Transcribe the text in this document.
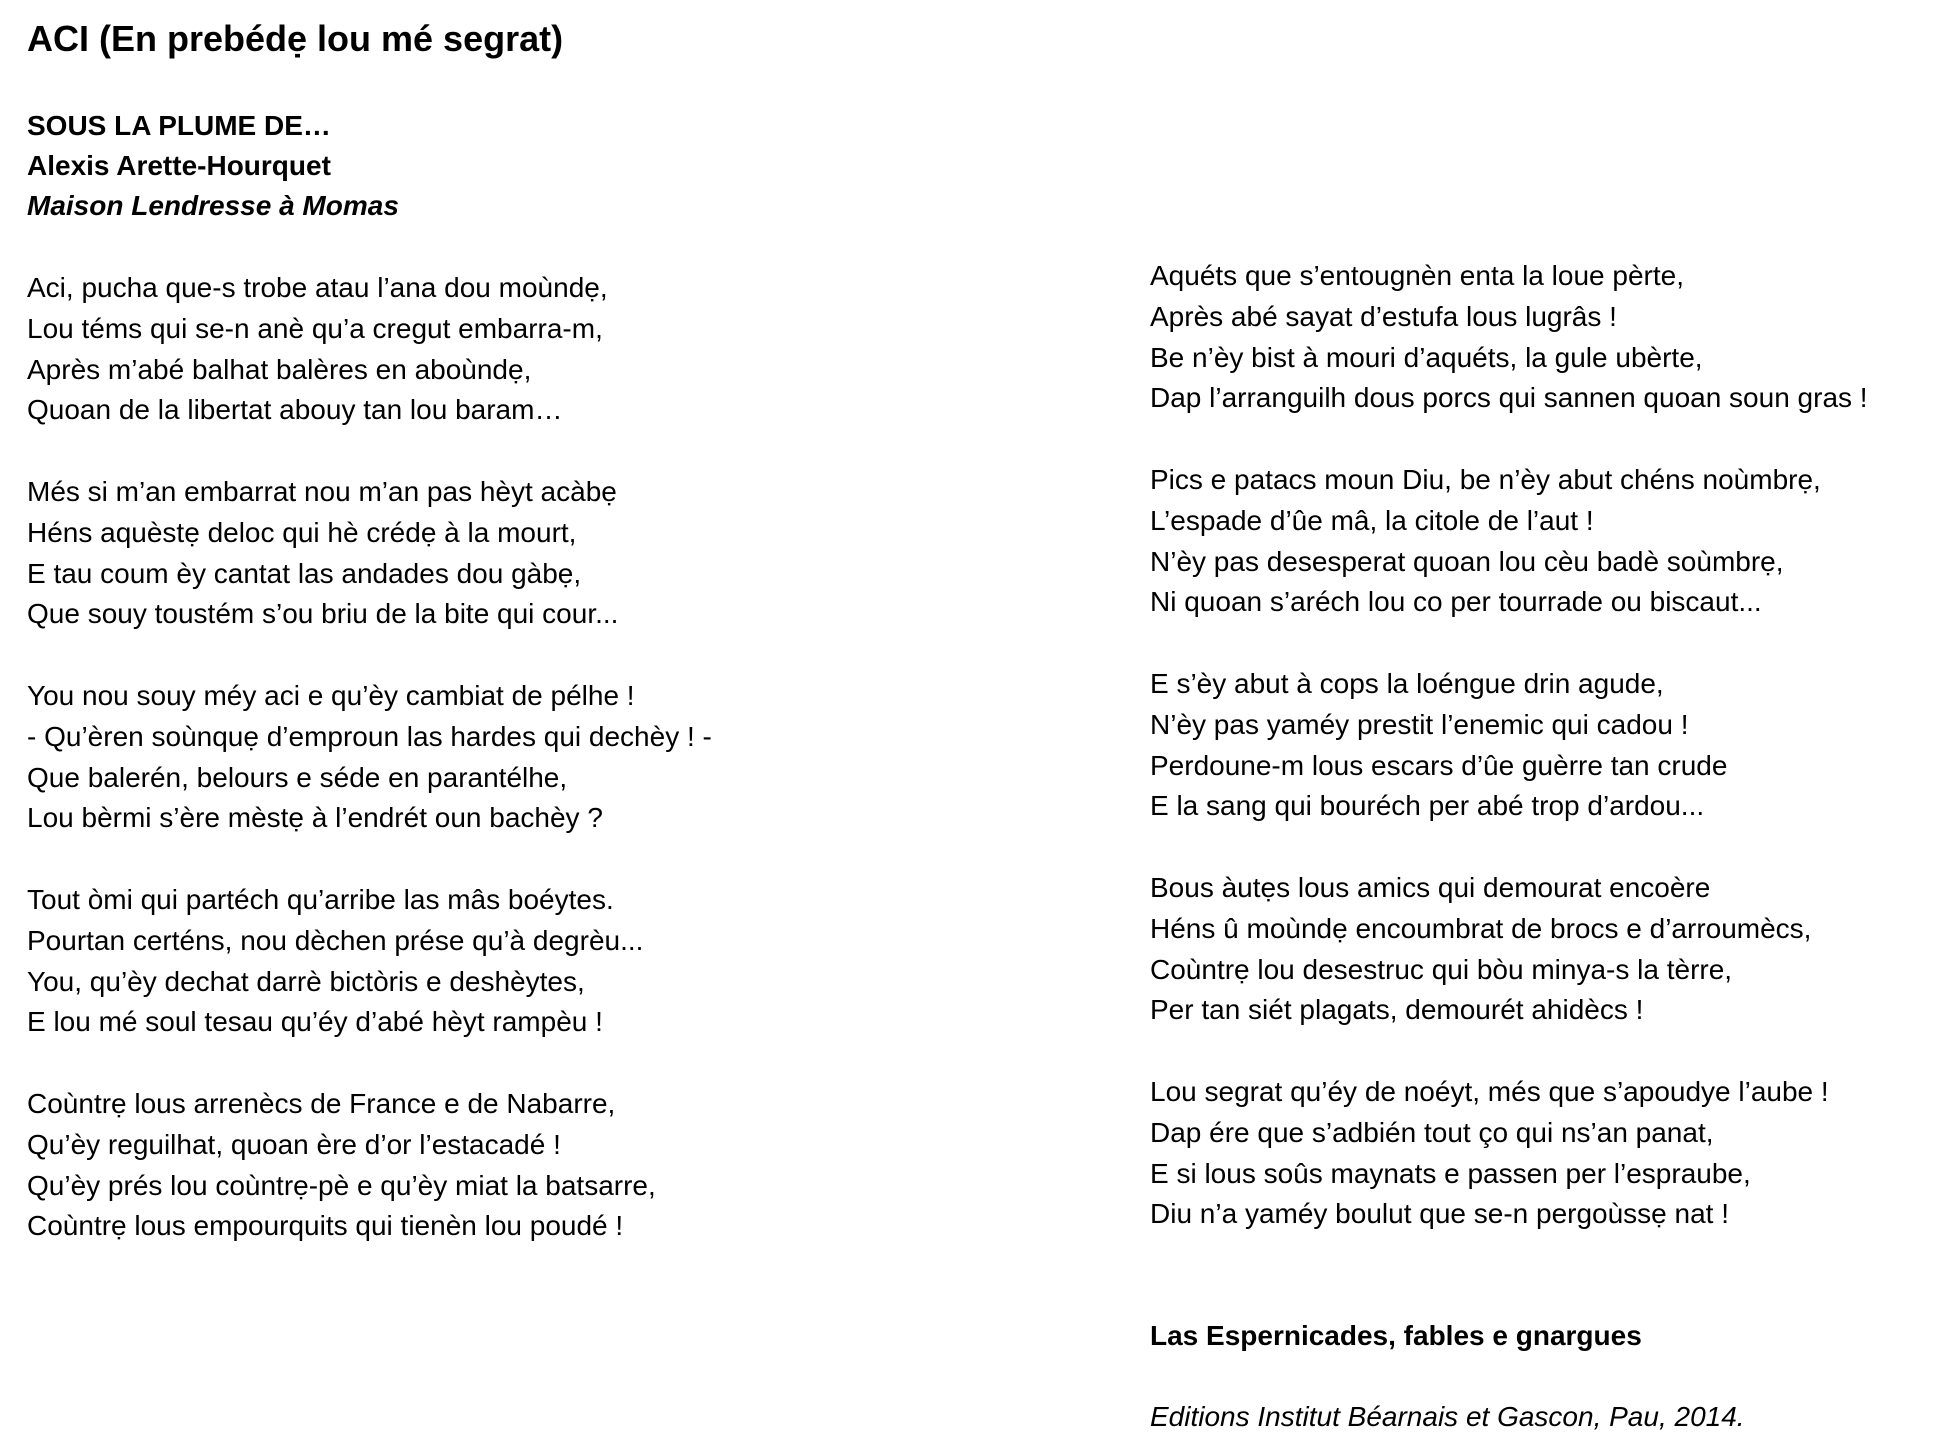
ACI (En prebédẹ lou mé segrat)
SOUS LA PLUME DE…
Alexis Arette-Hourquet
Maison Lendresse à Momas
Aci, pucha que-s trobe atau l’ana dou moùndẹ,
Lou téms qui se-n anè qu’a cregut embarra-m,
Après m’abé balhat balères en aboùndẹ,
Quoan de la libertat abouy tan lou baram…
Més si m’an embarrat nou m’an pas hèyt acàbẹ
Héns aquèstẹ deloc qui hè crédẹ à la mourt,
E tau coum èy cantat las andades dou gàbẹ,
Que souy toustém s’ou briu de la bite qui cour...
You nou souy méy aci e qu’èy cambiat de pélhe !
- Qu’èren soùnquẹ d’emproun las hardes qui dechèy ! -
Que balerén, belours e séde en parantélhe,
Lou bèrmi s’ère mèstẹ à l’endrét oun bachèy ?
Tout òmi qui partéch qu’arribe las mâs boéytes.
Pourtan certéns, nou dèchen prése qu’à degrèu...
You, qu’èy dechat darrè bictòris e deshèytes,
E lou mé soul tesau qu’éy d’abé hèyt rampèu !
Coùntrẹ lous arrenècs de France e de Nabarre,
Qu’èy reguilhat, quoan ère d’or l’estacadé !
Qu’èy prés lou coùntrẹ-pè e qu’èy miat la batsarre,
Coùntrẹ lous empourquits qui tienèn lou poudé !
Aquéts que s’entougnèn enta la loue pèrte,
Après abé sayat d’estufa lous lugrâs !
Be n’èy bist à mouri d’aquéts, la gule ubèrte,
Dap l’arranguilh dous porcs qui sannen quoan soun gras !
Pics e patacs moun Diu, be n’èy abut chéns noùmbrẹ,
L’espade d’ûe mâ, la citole de l’aut !
N’èy pas desesperat quoan lou cèu badè soùmbrẹ,
Ni quoan s’aréch lou co per tourrade ou biscaut...
E s’èy abut à cops la loéngue drin agude,
N’èy pas yaméy prestit l’enemic qui cadou !
Perdoune-m lous escars d’ûe guèrre tan crude
E la sang qui bouréch per abé trop d’ardou...
Bous àutẹs lous amics qui demourat encoère
Héns û moùndẹ encoumbrat de brocs e d’arroumècs,
Coùntrẹ lou desestruc qui bòu minya-s la tèrre,
Per tan siét plagats, demourét ahidècs !
Lou segrat qu’éy de noéyt, més que s’apoudye l’aube !
Dap ére que s’adbién tout ço qui ns’an panat,
E si lous soûs maynats e passen per l’espraube,
Diu n’a yaméy boulut que se-n pergoùssẹ nat !
Las Espernicades, fables e gnargues
Editions Institut Béarnais et Gascon, Pau, 2014.
